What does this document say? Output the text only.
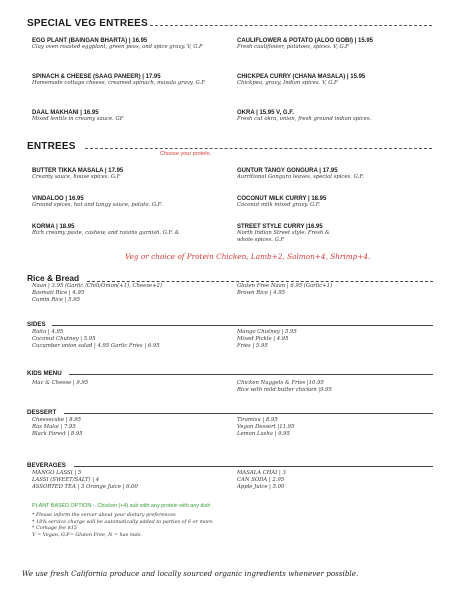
SPECIAL VEG ENTREES
EGG PLANT (BAINGAN BHARTA) | 16.95
Clay oven roasted eggplant, green peas, and spice gravy. V, G.F
CAULIFLOWER & POTATO (ALOO GOBI) | 15.95
Fresh cauliflower, potatoes, spices. V, G.F
SPINACH & CHEESE (SAAG PANEER) | 17.95
Homemade cottage cheese, creamed spinach, masala gravy. G.F
CHICKPEA CURRY (CHANA MASALA) | 15.95
Chickpea, gravy, Indian spices. V, G.F
DAAL MAKHANI | 16.95
Mixed lentils in creamy sauce. GF
OKRA | 15.95 V, G.F.
Fresh cut okra, onion, fresh ground indian spices.
ENTREES
Choose your protein.
BUTTER TIKKA MASALA | 17.95
Creamy sauce, house spices. G.F
GUNTUR TANGY GONGURA | 17.95
Aurritional Gongura leaves, special spices. G.F.
VINDALOO | 16.95
Ground spices, hot and tangy sauce, potato. G.F.
COCONUT MILK CURRY | 18.95
Coconut milk mixed gravy. G.F.
KORMA | 18.95
Rich creamy paste, cashew, and raisins garnish. G.F. &
STREET STYLE CURRY |16.95
North Indian Street style. Fresh & whole spices. G.F
Veg or choice of Protein Chicken, Lamb+2, Salmon+4, Shrimp+4.
Rice & Bread
Naan | 3.95 (Garlic /Chili/Onion(+1), Cheese+2)
Basmati Rice | 4.95
Cumin Rice | 5.95
Gluten Free Naan | 6.95 (Garlic+1)
Brown Rice | 4.95
SIDES
Raita | 4.95
Coconut Chutney | 5.95
Cucumber onion salad | 4.95 Garlic Fries | 6.95
Mango Chutney | 5.95
Mixed Pickle | 4.95
Fries | 5.95
KIDS MENU
Mac & Cheese | 9.95	Chicken Nuggets & Fries |10.95
Rice with mild butter chicken |9.95
DESSERT
Cheesecake | 8.95
Ras Malai | 7.95
Black Forest | 8.95
Tiramisu | 8.95
Vegan Dessert |11.95
Lemon Lasha | 9.95
BEVERAGES
MANGO LASSI | 5
LASSI (SWEET/SALT) | 4
ASSORTED TEA | 3 Orange Juice | 6.00
MASALA CHAI | 3
CAN SODA | 2.95
Apple Juice | 5.00
PLANT BASED OPTION :- Chicken (+4) sub with any protein with any dish
* Please inform the server about your dietary preferences
* 18% service charge will be automatically added to parties of 6 or more.
* Corkage fee $15
V = Vegan, G.F= Gluten Free, N = has nuts.
We use fresh California produce and locally sourced organic ingredients whenever possible.
